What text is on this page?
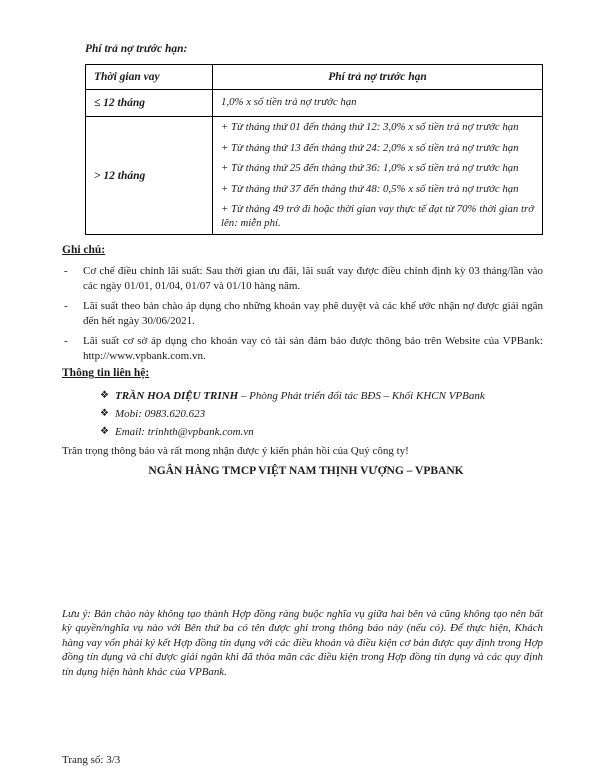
Phí trả nợ trước hạn:
Thời gian vay	Phí trả nợ trước hạn
≤ 12 tháng	1,0% x số tiền trả nợ trước hạn

> 12 tháng	+ Từ tháng thứ 01 đến tháng thứ 12: 3,0% x số tiền trả nợ trước hạn

+ Từ tháng thứ 13 đến tháng thứ 24: 2,0% x số tiền trả nợ trước hạn

+ Từ tháng thứ 25 đến tháng thứ 36: 1,0% x số tiền trả nợ trước hạn

+ Từ tháng thứ 37 đến tháng thứ 48: 0,5% x số tiền trả nợ trước hạn

+ Từ tháng 49 trở đi hoặc thời gian vay thực tế đạt từ 70% thời gian trở lên: miễn phí.

Ghi chú:
- Cơ chế điều chỉnh lãi suất: Sau thời gian ưu đãi, lãi suất vay được điều chỉnh định kỳ 03 tháng/lần vào các ngày 01/01, 01/04, 01/07 và 01/10 hàng năm.
- Lãi suất theo bản chào áp dụng cho những khoản vay phê duyệt và các khế ước nhận nợ được giải ngân đến hết ngày 30/06/2021.
- Lãi suất cơ sở áp dụng cho khoản vay có tài sản đảm bảo được thông báo trên Website của VPBank: http://www.vpbank.com.vn.
Thông tin liên hệ:
❖ TRẦN HOA DIỆU TRINH – Phòng Phát triển đối tác BĐS – Khối KHCN VPBank
❖ Mobi: 0983.620.623
❖ Email: trinhth@vpbank.com.vn
Trân trọng thông báo và rất mong nhận được ý kiến phản hồi của Quý công ty!
NGÂN HÀNG TMCP VIỆT NAM THỊNH VƯỢNG – VPBANK
Lưu ý: Bản chào này không tạo thành Hợp đồng ràng buộc nghĩa vụ giữa hai bên và cũng không tạo nên bất kỳ quyền/nghĩa vụ nào với Bên thứ ba có tên được ghi trong thông báo này (nếu có). Để thực hiện, Khách hàng vay vốn phải ký kết Hợp đồng tín dụng với các điều khoản và điều kiện cơ bản được quy định trong Hợp đồng tín dụng và chỉ được giải ngân khi đã thỏa mãn các điều kiện trong Hợp đồng tín dụng và các quy định tín dụng hiện hành khác của VPBank.
Trang số: 3/3
